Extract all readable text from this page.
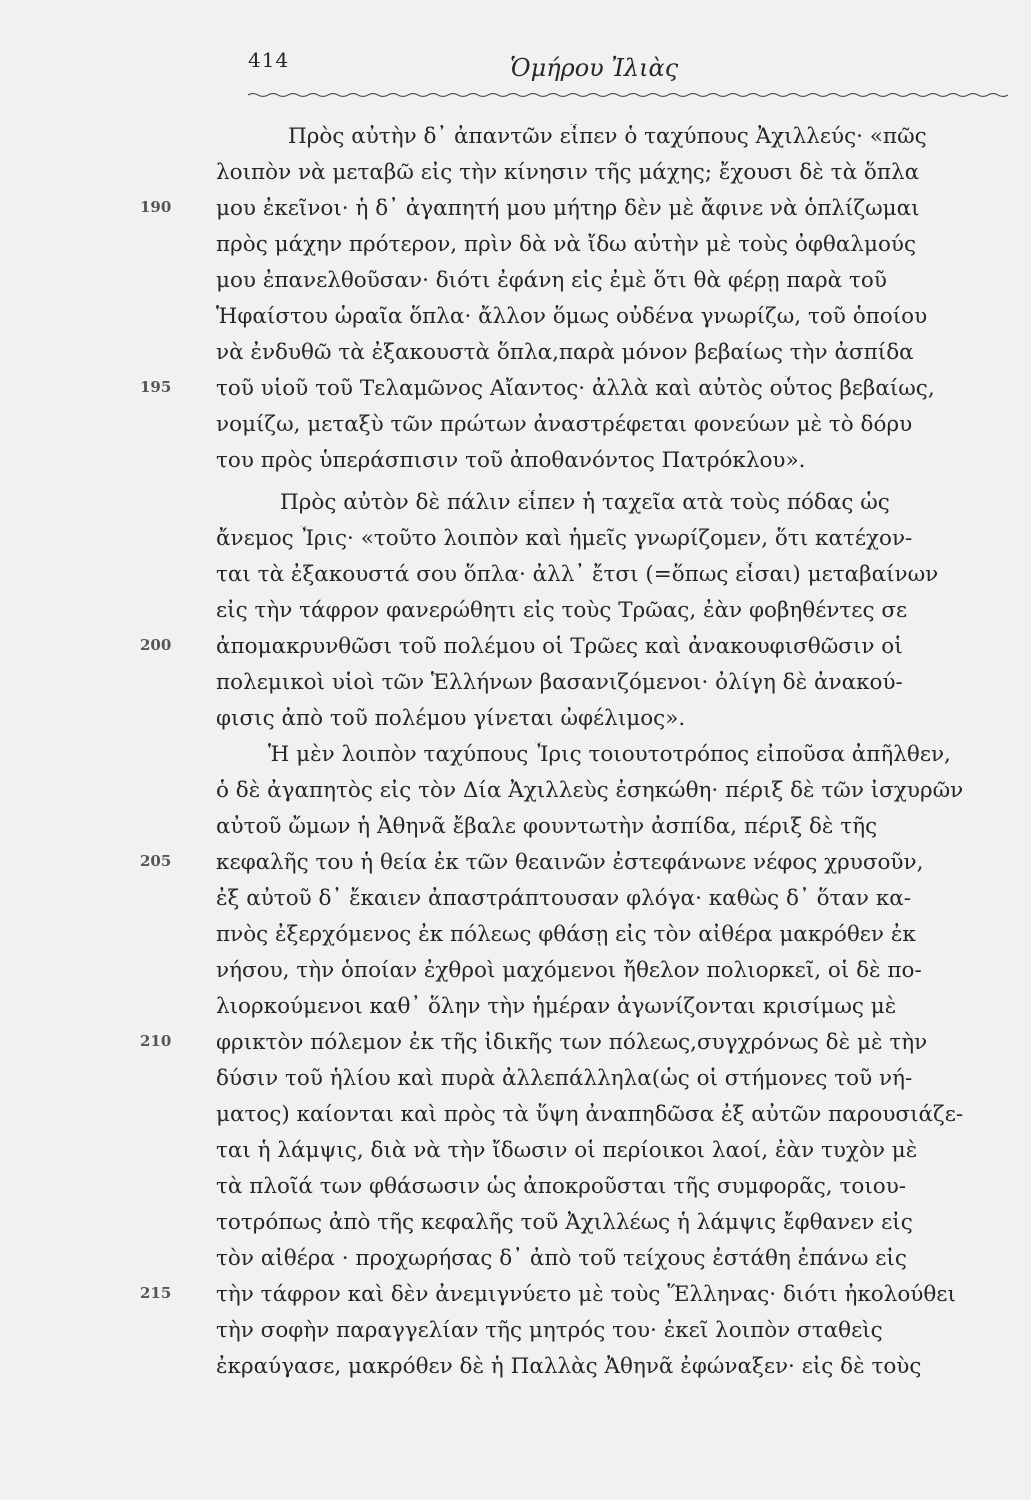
414	Ὁμήρου Ἰλιὰς
Πρὸς αὐτὴν δ᾽ ἀπαντῶν εἶπεν ὁ ταχύπους Ἀχιλλεύς· «πῶς
λοιπὸν νὰ μεταβῶ εἰς τὴν κίνησιν τῆς μάχης; ἔχουσι δὲ τὰ ὅπλα
μου ἐκεῖνοι· ἡ δ᾽ ἀγαπητή μου μήτηρ δὲν μὲ ἄφινε νὰ ὁπλίζωμαι
πρὸς μάχην πρότερον, πρὶν δὰ νὰ ἴδω αὐτὴν μὲ τοὺς ὀφθαλμούς
μου ἐπανελθοῦσαν· διότι ἐφάνη εἰς ἐμὲ ὅτι θὰ φέρῃ παρὰ τοῦ
Ἡφαίστου ὡραῖα ὅπλα· ἄλλον ὅμως οὐδένα γνωρίζω, τοῦ ὁποίου
νὰ ἐνδυθῶ τὰ ἐξακουστὰ ὅπλα,παρὰ μόνον βεβαίως τὴν ἀσπίδα
τοῦ υἱοῦ τοῦ Τελαμῶνος Αἴαντος· ἀλλὰ καὶ αὐτὸς οὗτος βεβαίως,
νομίζω, μεταξὺ τῶν πρώτων ἀναστρέφεται φονεύων μὲ τὸ δόρυ
του πρὸς ὑπεράσπισιν τοῦ ἀποθανόντος Πατρόκλου».
Πρὸς αὐτὸν δὲ πάλιν εἶπεν ἡ ταχεῖα ατὰ τοὺς πόδας ὡς
ἄνεμος Ἶρις· «τοῦτο λοιπὸν καὶ ἡμεῖς γνωρίζομεν, ὅτι κατέχον-
ται τὰ ἐξακουστά σου ὅπλα· ἀλλ᾽ ἔτσι (=ὅπως εἶσαι) μεταβαίνων
εἰς τὴν τάφρον φανερώθητι εἰς τοὺς Τρῶας, ἐὰν φοβηθέντες σε
ἀπομακρυνθῶσι τοῦ πολέμου οἱ Τρῶες καὶ ἀνακουφισθῶσιν οἱ
πολεμικοὶ υἱοὶ τῶν Ἑλλήνων βασανιζόμενοι· ὀλίγη δὲ ἀνακού-
φισις ἀπὸ τοῦ πολέμου γίνεται ὠφέλιμος».
Ἡ μὲν λοιπὸν ταχύπους Ἶρις τοιουτοτρόπος εἰποῦσα ἀπῆλθεν,
ὁ δὲ ἀγαπητὸς εἰς τὸν Δία Ἀχιλλεὺς ἐσηκώθη· πέριξ δὲ τῶν ἰσχυρῶν
αὐτοῦ ὤμων ἡ Ἀθηνᾶ ἔβαλε φουντωτὴν ἀσπίδα, πέριξ δὲ τῆς
κεφαλῆς του ἡ θεία ἐκ τῶν θεαινῶν ἐστεφάνωνε νέφος χρυσοῦν,
ἐξ αὐτοῦ δ᾽ ἔκαιεν ἀπαστράπτουσαν φλόγα· καθὼς δ᾽ ὅταν κα-
πνὸς ἐξερχόμενος ἐκ πόλεως φθάσῃ εἰς τὸν αἰθέρα μακρόθεν ἐκ
νήσου, τὴν ὁποίαν ἐχθροὶ μαχόμενοι ἤθελον πολιορκεῖ, οἱ δὲ πο-
λιορκούμενοι καθ᾽ ὅλην τὴν ἡμέραν ἀγωνίζονται κρισίμως μὲ
φρικτὸν πόλεμον ἐκ τῆς ἰδικῆς των πόλεως,συγχρόνως δὲ μὲ τὴν
δύσιν τοῦ ἡλίου καὶ πυρὰ ἀλλεπάλληλα(ὡς οἱ στήμονες τοῦ νή-
ματος) καίονται καὶ πρὸς τὰ ὕψη ἀναπηδῶσα ἐξ αὐτῶν παρουσιάζε-
ται ἡ λάμψις, διὰ νὰ τὴν ἴδωσιν οἱ περίοικοι λαοί, ἐὰν τυχὸν μὲ
τὰ πλοῖά των φθάσωσιν ὡς ἀποκροῦσται τῆς συμφορᾶς, τοιου-
τοτρόπως ἀπὸ τῆς κεφαλῆς τοῦ Ἀχιλλέως ἡ λάμψις ἔφθανεν εἰς
τὸν αἰθέρα · προχωρήσας δ᾽ ἀπὸ τοῦ τείχους ἐστάθη ἐπάνω εἰς
τὴν τάφρον καὶ δὲν ἀνεμιγνύετο μὲ τοὺς Ἕλληνας· διότι ἠκολούθει
τὴν σοφὴν παραγγελίαν τῆς μητρός του· ἐκεῖ λοιπὸν σταθεὶς
ἐκραύγασε, μακρόθεν δὲ ἡ Παλλὰς Ἀθηνᾶ ἐφώναξεν· εἰς δὲ τοὺς
190
195
200
205
210
215
